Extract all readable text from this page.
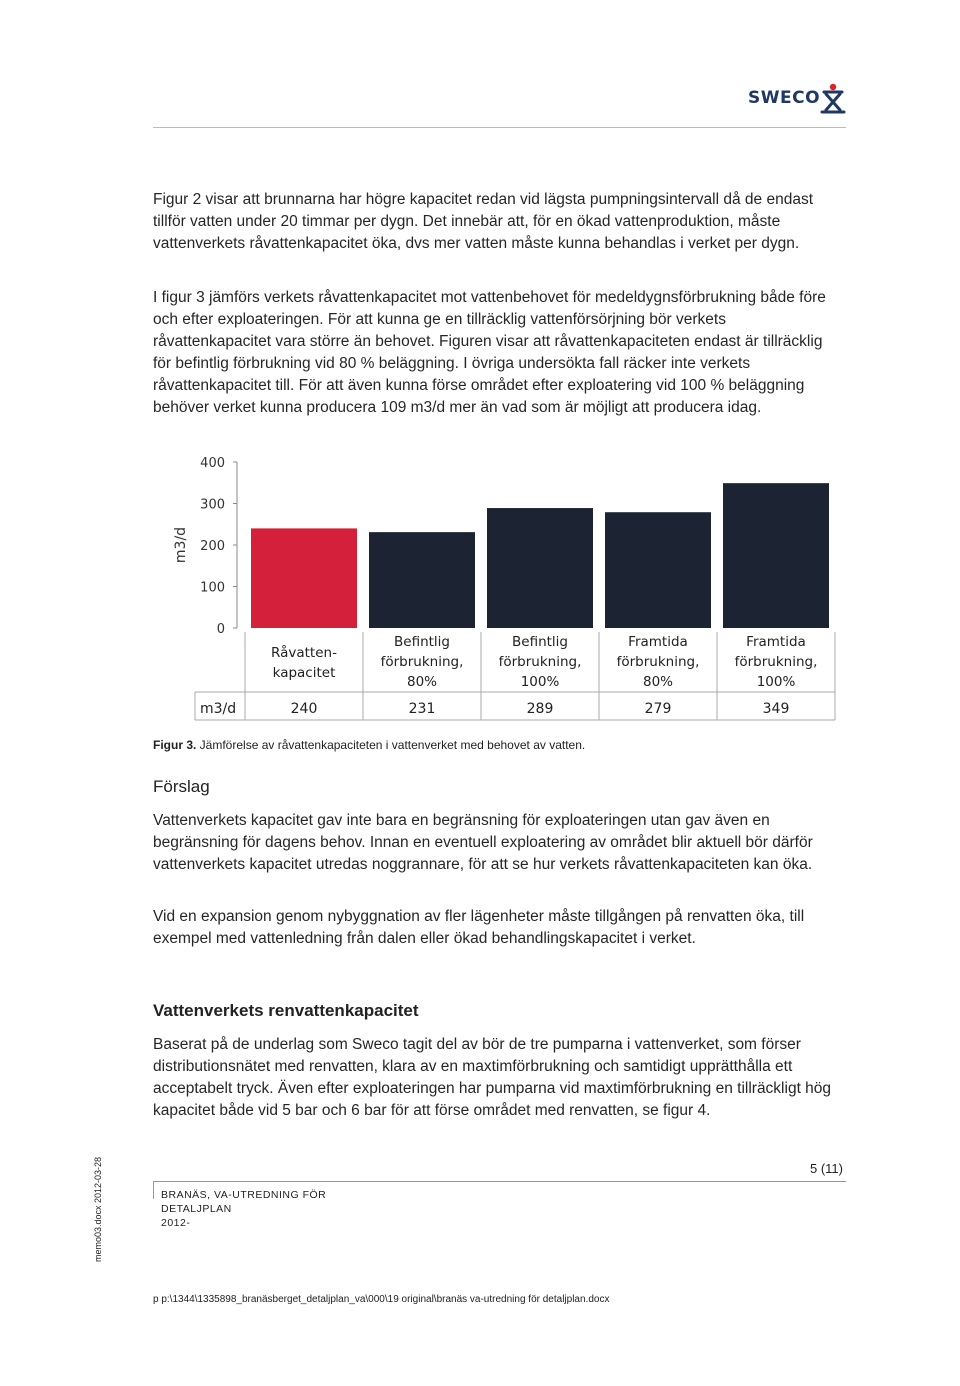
SWECO

Figur 2 visar att brunnarna har högre kapacitet redan vid lägsta pumpningsintervall då de endast tillför vatten under 20 timmar per dygn. Det innebär att, för en ökad vattenproduktion, måste vattenverkets råvattenkapacitet öka, dvs mer vatten måste kunna behandlas i verket per dygn.

I figur 3 jämförs verkets råvattenkapacitet mot vattenbehovet för medeldygnsförbrukning både före och efter exploateringen. För att kunna ge en tillräcklig vattenförsörjning bör verkets råvattenkapacitet vara större än behovet. Figuren visar att råvattenkapaciteten endast är tillräcklig för befintlig förbrukning vid 80 % beläggning. I övriga undersökta fall räcker inte verkets råvattenkapacitet till. För att även kunna förse området efter exploatering vid 100 % beläggning behöver verket kunna producera 109 m3/d mer än vad som är möjligt att producera idag.

0
100
200
300
400
m3/d
m3/d
Råvatten-
kapacitet
240
Befintlig
förbrukning,
80%
231
Befintlig
förbrukning,
100%
289
Framtida
förbrukning,
80%
279
Framtida
förbrukning,
100%
349
Figur 3. Jämförelse av råvattenkapaciteten i vattenverket med behovet av vatten.
Förslag

Vattenverkets kapacitet gav inte bara en begränsning för exploateringen utan gav även en begränsning för dagens behov. Innan en eventuell exploatering av området blir aktuell bör därför vattenverkets kapacitet utredas noggrannare, för att se hur verkets råvattenkapaciteten kan öka.

Vid en expansion genom nybyggnation av fler lägenheter måste tillgången på renvatten öka, till exempel med vattenledning från dalen eller ökad behandlingskapacitet i verket.

Vattenverkets renvattenkapacitet

Baserat på de underlag som Sweco tagit del av bör de tre pumparna i vattenverket, som förser distributionsnätet med renvatten, klara av en maxtimförbrukning och samtidigt upprätthålla ett acceptabelt tryck. Även efter exploateringen har pumparna vid maxtimförbrukning en tillräckligt hög kapacitet både vid 5 bar och 6 bar för att förse området med renvatten, se figur 4.

5 (11)
BRANÄS, VA-UTREDNING FÖR
DETALJPLAN
2012-
p p:\1344\1335898_branäsberget_detaljplan_va\000\19 original\branäs va-utredning för detaljplan.docx
memo03.docx 2012-03-28
